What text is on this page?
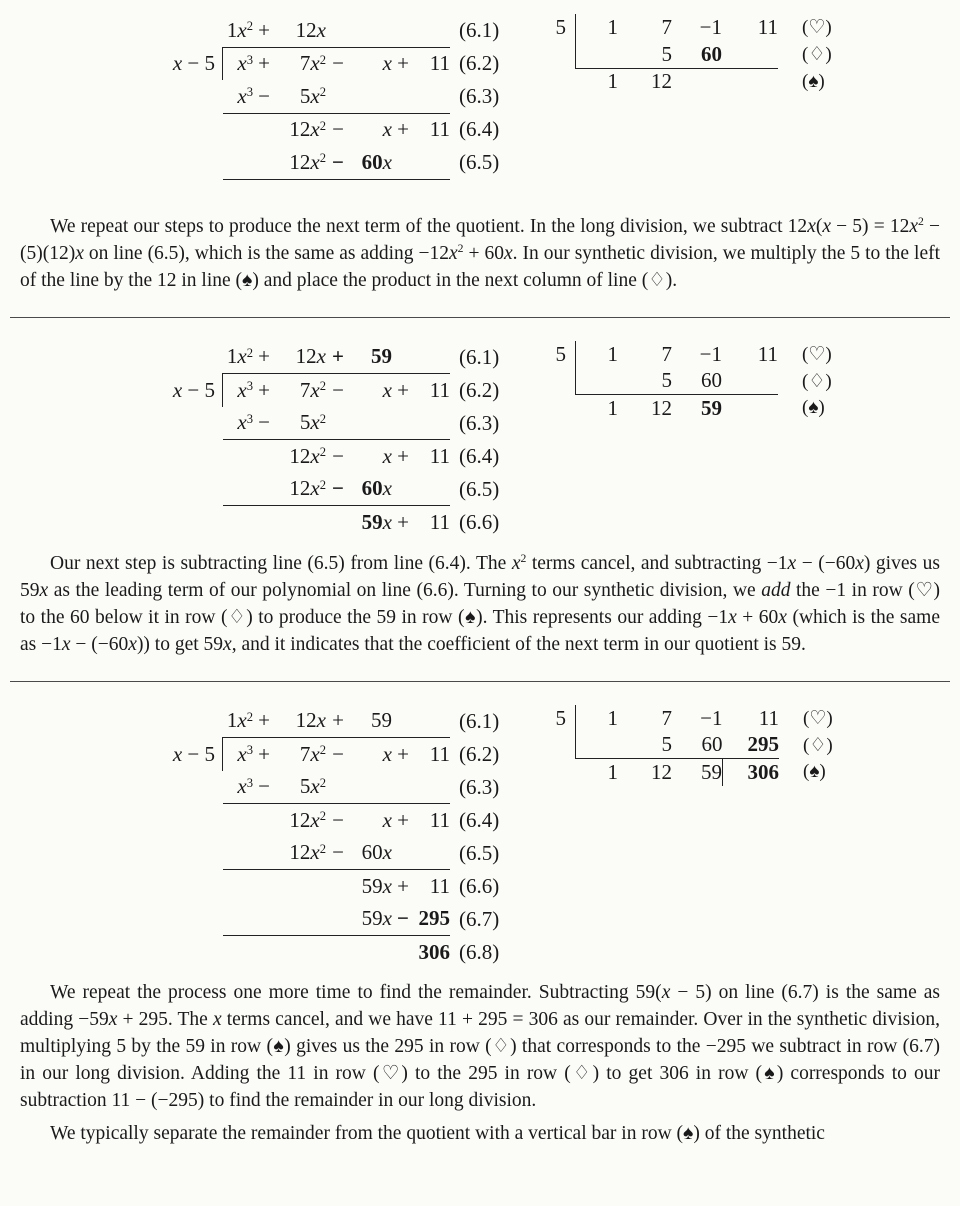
	$1x^2$	+	12x					(6.1)
x − 5	$x^3$	+	$7x^2$	−	x	+	11	(6.2)
	$x^3$	−	$5x^2$					(6.3)
			$12x^2$	−	x	+	11	(6.4)
			$12x^2$	−	60x			(6.5)
5	1	7	−1	11	(♡)
		5	60		(♢)
	1	12			(♠)

We repeat our steps to produce the next term of the quotient. In the long division, we subtract $12x(x - 5) = 12x^2 - (5)(12)x$ on line (6.5), which is the same as adding $-12x^2 + 60x$. In our synthetic division, we multiply the 5 to the left of the line by the 12 in line (♠) and place the product in the next column of line (♢).

	$1x^2$	+	12x	+	59			(6.1)
x − 5	$x^3$	+	$7x^2$	−	x	+	11	(6.2)
	$x^3$	−	$5x^2$					(6.3)
			$12x^2$	−	x	+	11	(6.4)
			$12x^2$	−	60x			(6.5)
					59x	+	11	(6.6)
5	1	7	−1	11	(♡)
		5	60		(♢)
	1	12	59		(♠)

Our next step is subtracting line (6.5) from line (6.4). The $x^2$ terms cancel, and subtracting −1x − (−60x) gives us 59x as the leading term of our polynomial on line (6.6). Turning to our synthetic division, we add the −1 in row (♡) to the 60 below it in row (♢) to produce the 59 in row (♠). This represents our adding −1x + 60x (which is the same as −1x − (−60x)) to get 59x, and it indicates that the coefficient of the next term in our quotient is 59.

	$1x^2$	+	12x	+	59			(6.1)
x − 5	$x^3$	+	$7x^2$	−	x	+	11	(6.2)
	$x^3$	−	$5x^2$					(6.3)
			$12x^2$	−	x	+	11	(6.4)
			$12x^2$	−	60x			(6.5)
					59x	+	11	(6.6)
					59x	−	295	(6.7)
							306	(6.8)
5	1	7	−1	11	(♡)
		5	60	295	(♢)
	1	12	59	306	(♠)

We repeat the process one more time to find the remainder. Subtracting 59(x − 5) on line (6.7) is the same as adding −59x + 295. The x terms cancel, and we have 11 + 295 = 306 as our remainder. Over in the synthetic division, multiplying 5 by the 59 in row (♠) gives us the 295 in row (♢) that corresponds to the −295 we subtract in row (6.7) in our long division. Adding the 11 in row (♡) to the 295 in row (♢) to get 306 in row (♠) corresponds to our subtraction 11 − (−295) to find the remainder in our long division.

We typically separate the remainder from the quotient with a vertical bar in row (♠) of the synthetic
